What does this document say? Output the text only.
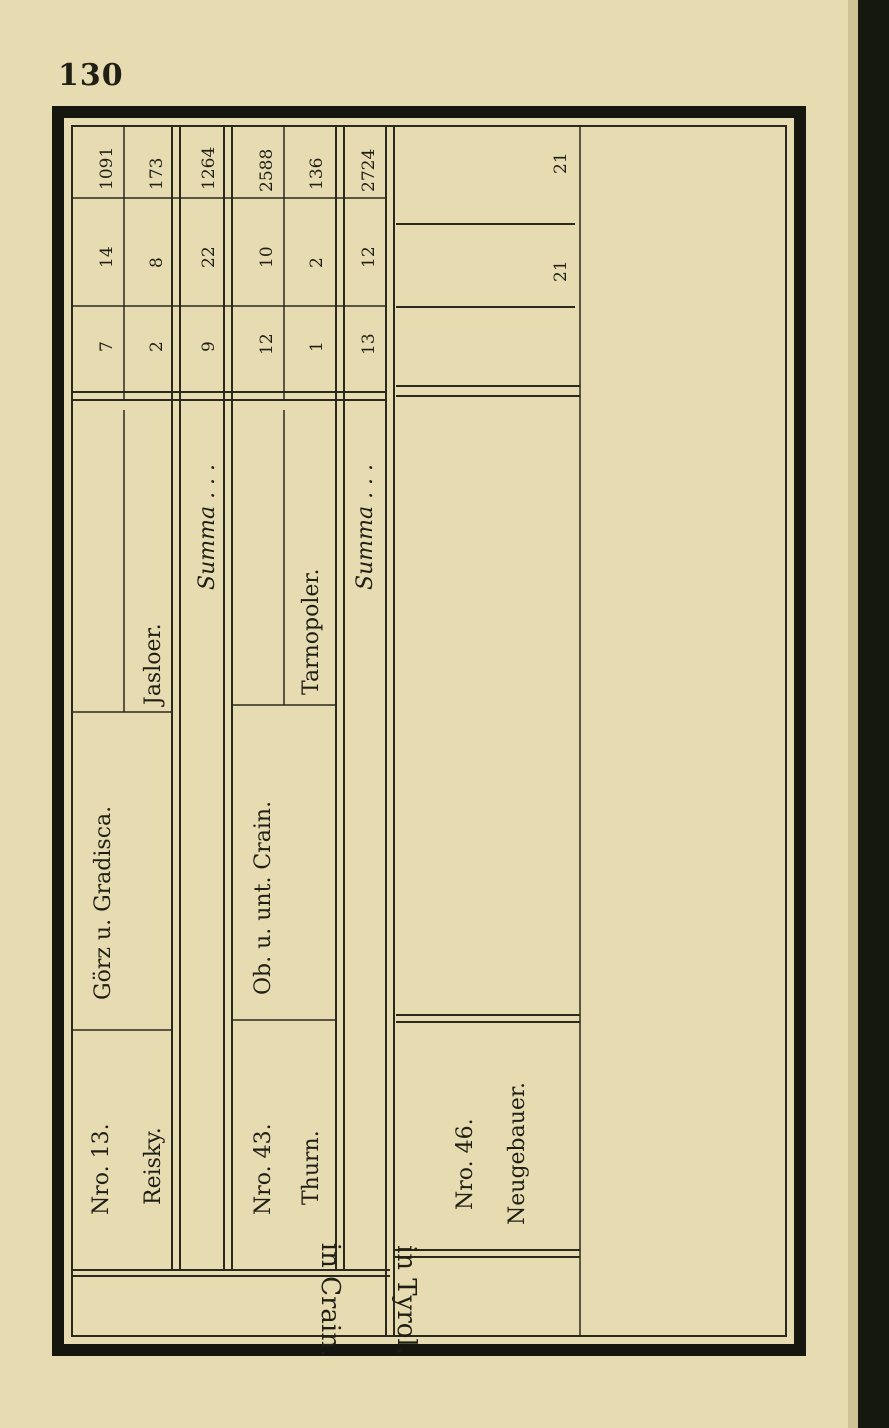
130
Nro. 13. Reisky.
Görz u. Gradisca.
Jasloer.
7
14
1091
2
8
173
Summa . . .
9
22
1264
Nro. 43. Thurn.
Ob. u. unt. Crain.
Tarnopoler.
12
10
2588
1
2
136
Summa . . .
13
12
2724
in Crain.
Nro. 46. Neugebauer.
21
21
in Tyrol.
